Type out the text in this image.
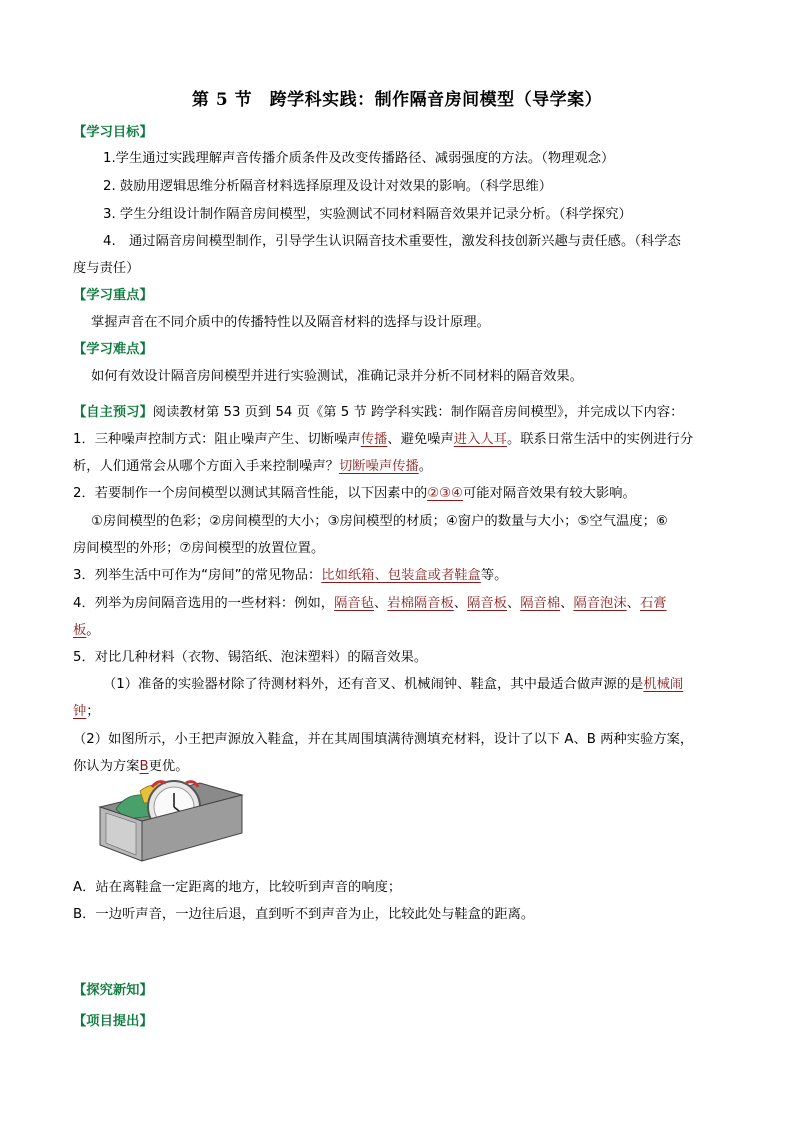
第 5 节　跨学科实践：制作隔音房间模型（导学案）
【学习目标】
1.学生通过实践理解声音传播介质条件及改变传播路径、减弱强度的方法。（物理观念）
2. 鼓励用逻辑思维分析隔音材料选择原理及设计对效果的影响。（科学思维）
3. 学生分组设计制作隔音房间模型，实验测试不同材料隔音效果并记录分析。（科学探究）
4.　通过隔音房间模型制作，引导学生认识隔音技术重要性，激发科技创新兴趣与责任感。（科学态
度与责任）
【学习重点】
掌握声音在不同介质中的传播特性以及隔音材料的选择与设计原理。
【学习难点】
如何有效设计隔音房间模型并进行实验测试，准确记录并分析不同材料的隔音效果。
【自主预习】阅读教材第 53 页到 54 页《第 5 节 跨学科实践：制作隔音房间模型》，并完成以下内容：
1．三种噪声控制方式：阻止噪声产生、切断噪声传播、避免噪声进入人耳。联系日常生活中的实例进行分
析，人们通常会从哪个方面入手来控制噪声？切断噪声传播。
2．若要制作一个房间模型以测试其隔音性能，以下因素中的②③④可能对隔音效果有较大影响。
①房间模型的色彩；②房间模型的大小；③房间模型的材质；④窗户的数量与大小；⑤空气温度；⑥
房间模型的外形；⑦房间模型的放置位置。
3．列举生活中可作为“房间”的常见物品：比如纸箱、包装盒或者鞋盒等。
4．列举为房间隔音选用的一些材料：例如，隔音毡、岩棉隔音板、隔音板、隔音棉、隔音泡沫、石膏
板。
5．对比几种材料（衣物、锡箔纸、泡沫塑料）的隔音效果。
（1）准备的实验器材除了待测材料外，还有音叉、机械闹钟、鞋盒，其中最适合做声源的是机械闹
钟；
（2）如图所示，小王把声源放入鞋盒，并在其周围填满待测填充材料，设计了以下 A、B 两种实验方案，
你认为方案B更优。
A．站在离鞋盒一定距离的地方，比较听到声音的响度；
B．一边听声音，一边往后退，直到听不到声音为止，比较此处与鞋盒的距离。
【探究新知】
【项目提出】
